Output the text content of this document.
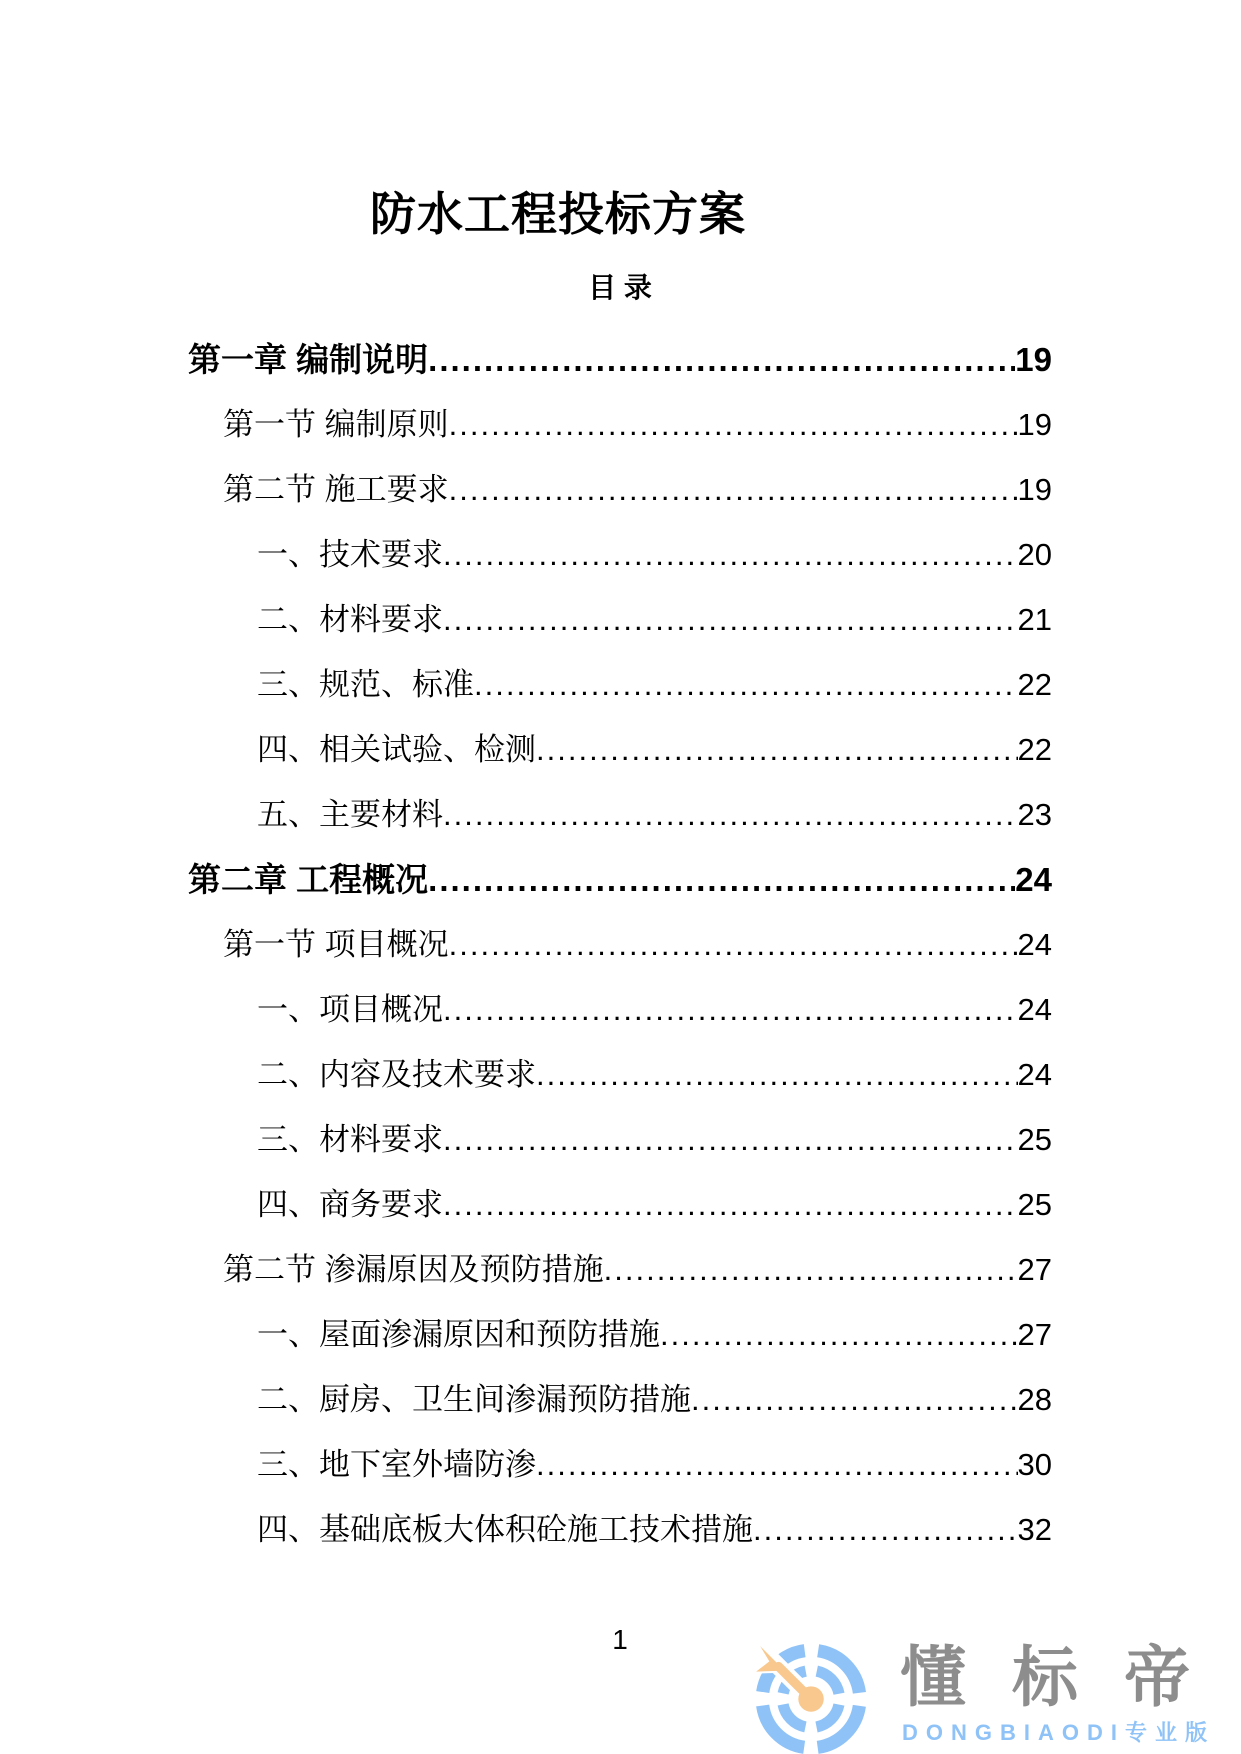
防水工程投标方案
目 录
第一章 编制说明 .....	19
第一节 编制原则 .....	19
第二节 施工要求 .....	19
一、技术要求 .....	20
二、材料要求 .....	21
三、规范、标准 .....	22
四、相关试验、检测 .....	22
五、主要材料 .....	23
第二章 工程概况 .....	24
第一节 项目概况 .....	24
一、项目概况 .....	24
二、内容及技术要求 .....	24
三、材料要求 .....	25
四、商务要求 .....	25
第二节 渗漏原因及预防措施 .....	27
一、屋面渗漏原因和预防措施 .....	27
二、厨房、卫生间渗漏预防措施 .....	28
三、地下室外墙防渗 .....	30
四、基础底板大体积砼施工技术措施 .....	32
1
懂标帝
DONGBIAODI专业版
